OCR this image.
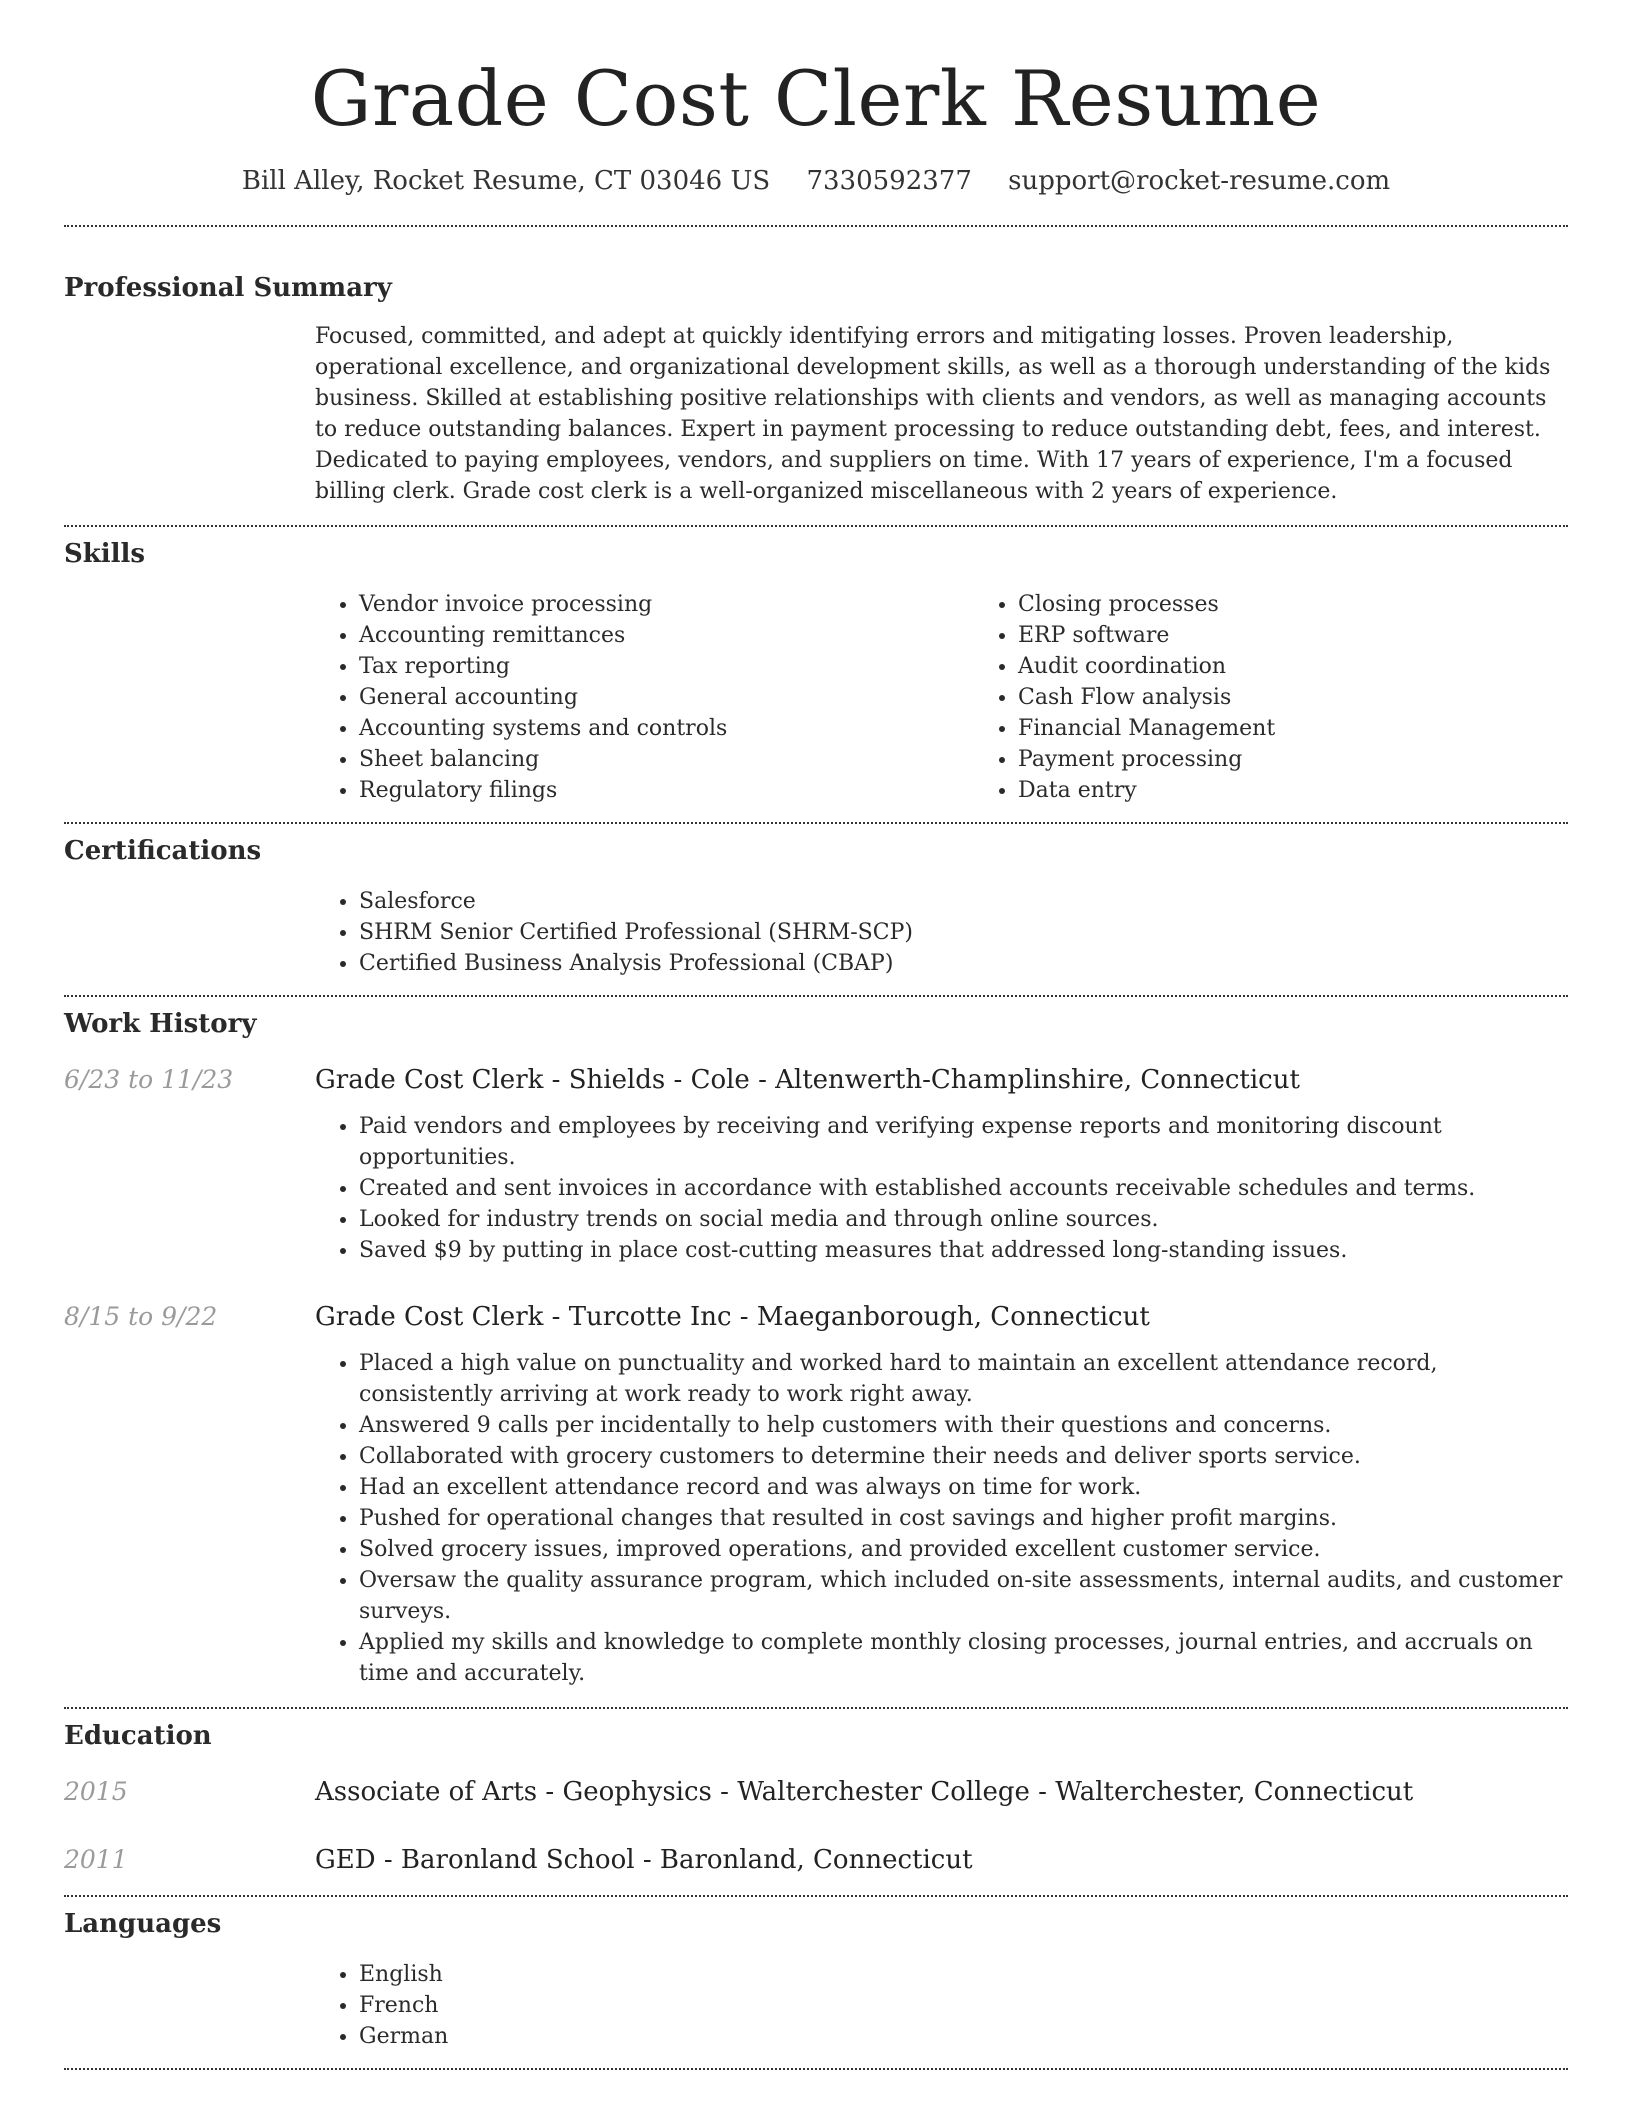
Grade Cost Clerk Resume
Bill Alley, Rocket Resume, CT 03046 US 7330592377 support@rocket-resume.com
Professional Summary
Focused, committed, and adept at quickly identifying errors and mitigating losses. Proven leadership, operational excellence, and organizational development skills, as well as a thorough understanding of the kids business. Skilled at establishing positive relationships with clients and vendors, as well as managing accounts to reduce outstanding balances. Expert in payment processing to reduce outstanding debt, fees, and interest. Dedicated to paying employees, vendors, and suppliers on time. With 17 years of experience, I'm a focused billing clerk. Grade cost clerk is a well-organized miscellaneous with 2 years of experience.
Skills
• Vendor invoice processing
• Accounting remittances
• Tax reporting
• General accounting
• Accounting systems and controls
• Sheet balancing
• Regulatory filings
• Closing processes
• ERP software
• Audit coordination
• Cash Flow analysis
• Financial Management
• Payment processing
• Data entry
Certifications
• Salesforce
• SHRM Senior Certified Professional (SHRM-SCP)
• Certified Business Analysis Professional (CBAP)
Work History
6/23 to 11/23	Grade Cost Clerk - Shields - Cole - Altenwerth-Champlinshire, Connecticut
• Paid vendors and employees by receiving and verifying expense reports and monitoring discount opportunities.
• Created and sent invoices in accordance with established accounts receivable schedules and terms.
• Looked for industry trends on social media and through online sources.
• Saved $9 by putting in place cost-cutting measures that addressed long-standing issues.
8/15 to 9/22	Grade Cost Clerk - Turcotte Inc - Maeganborough, Connecticut
• Placed a high value on punctuality and worked hard to maintain an excellent attendance record, consistently arriving at work ready to work right away.
• Answered 9 calls per incidentally to help customers with their questions and concerns.
• Collaborated with grocery customers to determine their needs and deliver sports service.
• Had an excellent attendance record and was always on time for work.
• Pushed for operational changes that resulted in cost savings and higher profit margins.
• Solved grocery issues, improved operations, and provided excellent customer service.
• Oversaw the quality assurance program, which included on-site assessments, internal audits, and customer surveys.
• Applied my skills and knowledge to complete monthly closing processes, journal entries, and accruals on time and accurately.
Education
2015	Associate of Arts - Geophysics - Walterchester College - Walterchester, Connecticut
2011	GED - Baronland School - Baronland, Connecticut
Languages
• English
• French
• German
